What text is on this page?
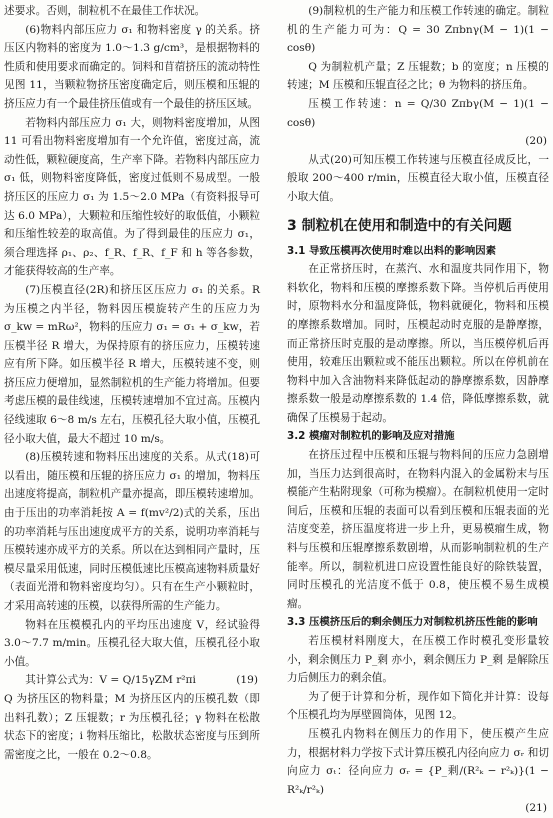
述要求。否则，制粒机不在最佳工作状况。

(6)物料内部压应力 σ₁ 和物料密度 γ 的关系。挤压区内物料的密度为 1.0～1.3 g/cm³，是根据物料的性质和使用要求而确定的。饲料和苜蓿挤压的流动特性见图 11，当颗粒物挤压密度确定后，则压模和压辊的挤压应力有一个最佳挤压值或有一个最佳的挤压区域。

若物料内部压应力 σ₁ 大，则物料密度增加，从图 11 可看出物料密度增加有一个允许值，密度过高，流动性低，颗粒硬度高，生产率下降。若物料内部压应力 σ₁ 低，则物料密度降低，密度过低则不易成型。一般挤压区的压应力 σ₁ 为 1.5～2.0 MPa（有资料报导可达 6.0 MPa），大颗粒和压缩性较好的取低值，小颗粒和压缩性较差的取高值。为了得到最佳的压应力 σ₁，须合理选择 ρ₁、ρ₂、f_R、f_R、f_F 和 h 等各参数，才能获得较高的生产率。

(7)压模直径(2R)和挤压区压应力 σ₁ 的关系。R 为压模之内半径，物料因压模旋转产生的压应力为 σ_kw = mRω²，物料的压应力 σ₁ = σ₁ + σ_kw，若压模半径 R 增大，为保持原有的挤压应力，压模转速应有所下降。如压模半径 R 增大，压模转速不变，则挤压应力便增加，显然制粒机的生产能力将增加。但要考虑压模的最佳线速，压模转速增加不宜过高。压模内径线速取 6～8 m/s 左右，压模孔径大取小值，压模孔径小取大值，最大不超过 10 m/s。

(8)压模转速和物料压出速度的关系。从式(18)可以看出，随压模和压辊的挤压应力 σ₁ 的增加，物料压出速度将提高，制粒机产量亦提高，即压模转速增加。由于压出的功率消耗按 A = f(mv²/2)式的关系，压出的功率消耗与压出速度成平方的关系，说明功率消耗与压模转速亦成平方的关系。所以在达到相同产量时，压模尽量采用低速，同时压模低速比压模高速物料质量好（表面光滑和物料密度均匀）。只有在生产小颗粒时，才采用高转速的压模，以获得所需的生产能力。

物料在压模模孔内的平均压出速度 V，经试验得 3.0～7.7 m/min。压模孔径大取大值，压模孔径小取小值。

其计算公式为：V = Q/15γZM r²πi	(19)

Q 为挤压区的物料量；M 为挤压区内的压模孔数（即出料孔数）；Z 压辊数；r 为压模孔径；γ 物料在松散状态下的密度；i 物料压缩比，松散状态密度与压到所需密度之比，一般在 0.2～0.8。

(9)制粒机的生产能力和压模工作转速的确定。制粒机的生产能力可为：Q = 30 Zπbnγ(M − 1)(1 − cosθ)

Q 为制粒机产量；Z 压辊数；b 的宽度；n 压模的转速；M 压模和压辊直径之比；θ 为物料的挤压角。

压模工作转速：n = Q/30 Zπbγ(M − 1)(1 − cosθ)

(20)

从式(20)可知压模工作转速与压模直径成反比，一般取 200～400 r/min，压模直径大取小值，压模直径小取大值。

3 制粒机在使用和制造中的有关问题
3.1 导致压模再次使用时难以出料的影响因素

在正常挤压时，在蒸汽、水和温度共同作用下，物料软化，物料和压模的摩擦系数下降。当停机后再使用时，原物料水分和温度降低，物料就硬化，物料和压模的摩擦系数增加。同时，压模起动时克服的是静摩擦，而正常挤压时克服的是动摩擦。所以，当压模停机后再使用，较难压出颗粒或不能压出颗粒。所以在停机前在物料中加入含油物料来降低起动的静摩擦系数，因静摩擦系数一般是动摩擦系数的 1.4 倍，降低摩擦系数，就确保了压模易于起动。

3.2 模瘤对制粒机的影响及应对措施

在挤压过程中压模和压辊与物料间的压应力急剧增加，当压力达到很高时，在物料内混入的金属粉末与压模能产生粘附现象（可称为模瘤）。在制粒机使用一定时间后，压模和压辊的表面可以看到压模和压辊表面的光洁度变差，挤压温度将进一步上升，更易模瘤生成，物料与压模和压辊摩擦系数剧增，从而影响制粒机的生产能率。所以，制粒机进口应设置性能良好的除铁装置，同时压模孔的光洁度不低于 0.8，使压模不易生成模瘤。

3.3 压模挤压后的剩余侧压力对制粒机挤压性能的影响

若压模材料刚度大，在压模工作时模孔变形量较小，剩余侧压力 P_剩 亦小，剩余侧压力 P_剩 是解除压力后侧压力的剩余值。

为了便于计算和分析，现作如下简化并计算：设每个压模孔均为厚壁圆筒体，见图 12。

压模孔内物料在侧压力的作用下，使压模产生应力，根据材料力学按下式计算压模孔内径向应力 σᵣ 和切向应力 σₜ：径向应力 σᵣ = {P_剩/(R²ₖ − r²ₖ)}(1 − R²ₖ/r²ₖ)

(21)
